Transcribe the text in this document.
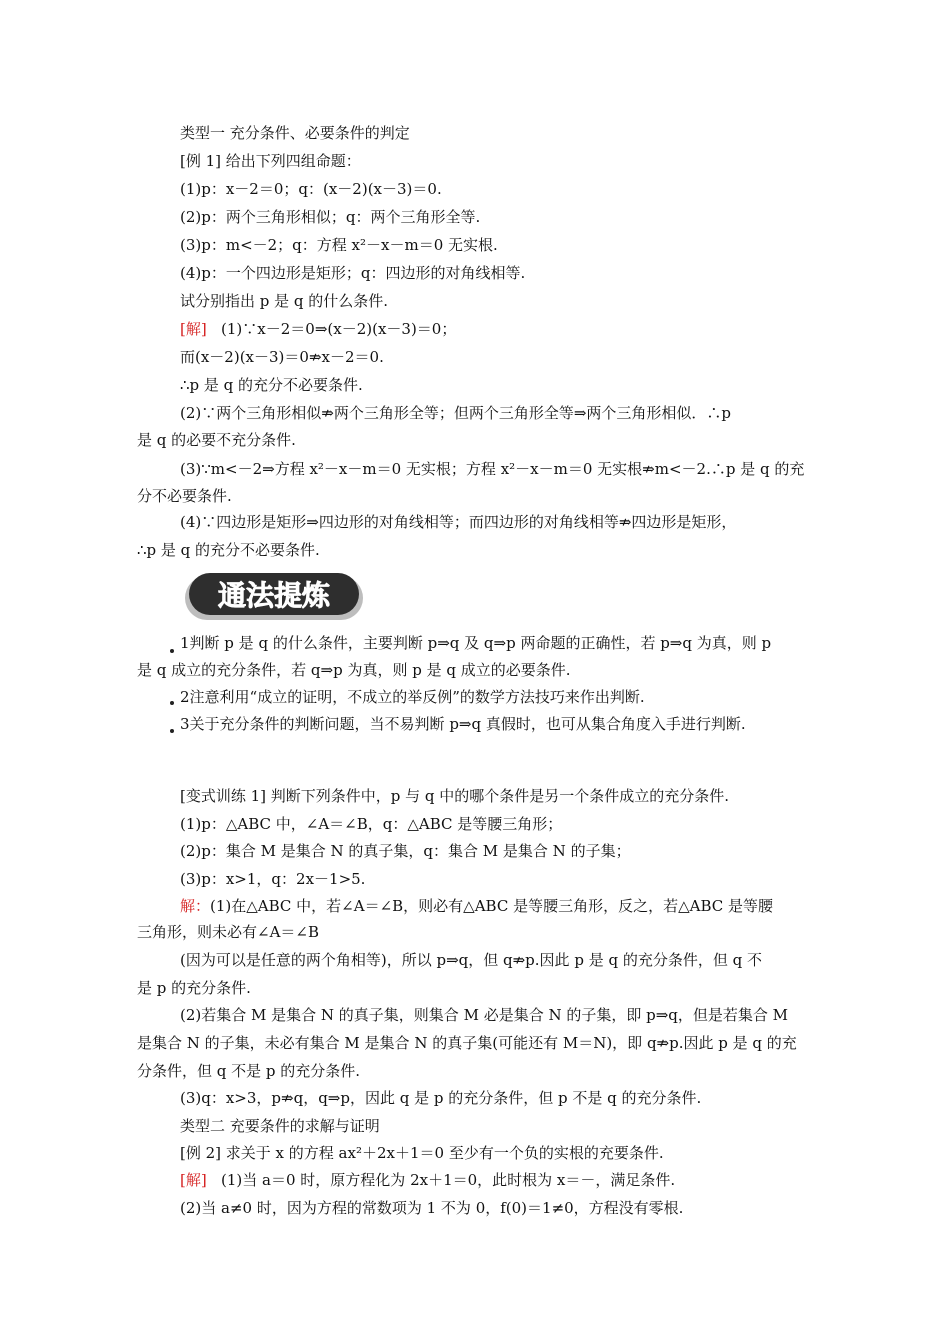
类型一 充分条件、必要条件的判定
[例 1] 给出下列四组命题：
(1)p：x－2＝0；q：(x－2)(x－3)＝0.
(2)p：两个三角形相似；q：两个三角形全等.
(3)p：m<－2；q：方程 x²－x－m＝0 无实根.
(4)p：一个四边形是矩形；q：四边形的对角线相等.
试分别指出 p 是 q 的什么条件.
[解] (1)∵x－2＝0⇒(x－2)(x－3)＝0；
而(x－2)(x－3)＝0⇏x－2＝0.
∴p 是 q 的充分不必要条件.
(2)∵两个三角形相似⇏两个三角形全等；但两个三角形全等⇒两个三角形相似．∴p
是 q 的必要不充分条件.
(3)∵m<－2⇒方程 x²－x－m＝0 无实根；方程 x²－x－m＝0 无实根⇏m<－2.∴p 是 q 的充
分不必要条件.
(4)∵四边形是矩形⇒四边形的对角线相等；而四边形的对角线相等⇏四边形是矩形，
∴p 是 q 的充分不必要条件.
通法提炼
1判断 p 是 q 的什么条件，主要判断 p⇒q 及 q⇒p 两命题的正确性，若 p⇒q 为真，则 p
是 q 成立的充分条件，若 q⇒p 为真，则 p 是 q 成立的必要条件.
2注意利用“成立的证明，不成立的举反例”的数学方法技巧来作出判断.
3关于充分条件的判断问题，当不易判断 p⇒q 真假时，也可从集合角度入手进行判断.
[变式训练 1] 判断下列条件中，p 与 q 中的哪个条件是另一个条件成立的充分条件.
(1)p：△ABC 中，∠A＝∠B，q：△ABC 是等腰三角形；
(2)p：集合 M 是集合 N 的真子集，q：集合 M 是集合 N 的子集；
(3)p：x>1，q：2x－1>5.
解：(1)在△ABC 中，若∠A＝∠B，则必有△ABC 是等腰三角形，反之，若△ABC 是等腰
三角形，则未必有∠A＝∠B
(因为可以是任意的两个角相等)，所以 p⇒q，但 q⇏p.因此 p 是 q 的充分条件，但 q 不
是 p 的充分条件.
(2)若集合 M 是集合 N 的真子集，则集合 M 必是集合 N 的子集，即 p⇒q，但是若集合 M
是集合 N 的子集，未必有集合 M 是集合 N 的真子集(可能还有 M＝N)，即 q⇏p.因此 p 是 q 的充
分条件，但 q 不是 p 的充分条件.
(3)q：x>3，p⇏q，q⇒p，因此 q 是 p 的充分条件，但 p 不是 q 的充分条件.
类型二 充要条件的求解与证明
[例 2] 求关于 x 的方程 ax²＋2x＋1＝0 至少有一个负的实根的充要条件.
[解] (1)当 a＝0 时，原方程化为 2x＋1＝0，此时根为 x＝－，满足条件.
(2)当 a≠0 时，因为方程的常数项为 1 不为 0，f(0)＝1≠0，方程没有零根.
